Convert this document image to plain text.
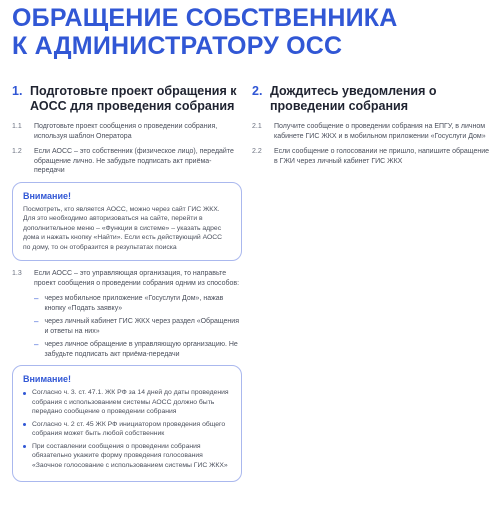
ОБРАЩЕНИЕ СОБСТВЕННИКА
К АДМИНИСТРАТОРУ ОСС
1. Подготовьте проект обращения к АОСС для проведения собрания
1.1	Подготовьте проект сообщения о проведении собрания, используя шаблон Оператора
1.2	Если АОСС – это собственник (физическое лицо), передайте обращение лично. Не забудьте подписать акт приёма-передачи
Внимание!
Посмотреть, кто является АОСС, можно через сайт ГИС ЖКХ. Для это необходимо авторизоваться на сайте, перейти в дополнительное меню – «Функции в системе» – указать адрес дома и нажать кнопку «Найти». Если есть действующий АОСС по дому, то он отобразится в результатах поиска
1.3	Если АОСС – это управляющая организация, то направьте проект сообщения о проведении собрания одним из способов:
– через мобильное приложение «Госуслуги Дом», нажав кнопку «Подать заявку»
– через личный кабинет ГИС ЖКХ через раздел «Обращения и ответы на них»
– через личное обращение в управляющую организацию. Не забудьте подписать акт приёма-передачи
Внимание!
Согласно ч. 3. ст. 47.1. ЖК РФ за 14 дней до даты проведения собрания с использованием системы АОСС должно быть передано сообщение о проведении собрания
Согласно ч. 2 ст. 45 ЖК РФ инициатором проведения общего собрания может быть любой собственник
При составлении сообщения о проведении собрания обязательно укажите форму проведения голосования «Заочное голосование с использованием системы ГИС ЖКХ»
2. Дождитесь уведомления о проведении собрания
2.1	Получите сообщение о проведении собрания на ЕПГУ, в личном кабинете ГИС ЖКХ и в мобильном приложении «Госуслуги Дом»
2.2	Если сообщение о голосовании не пришло, напишите обращение в ГЖИ через личный кабинет ГИС ЖКХ
